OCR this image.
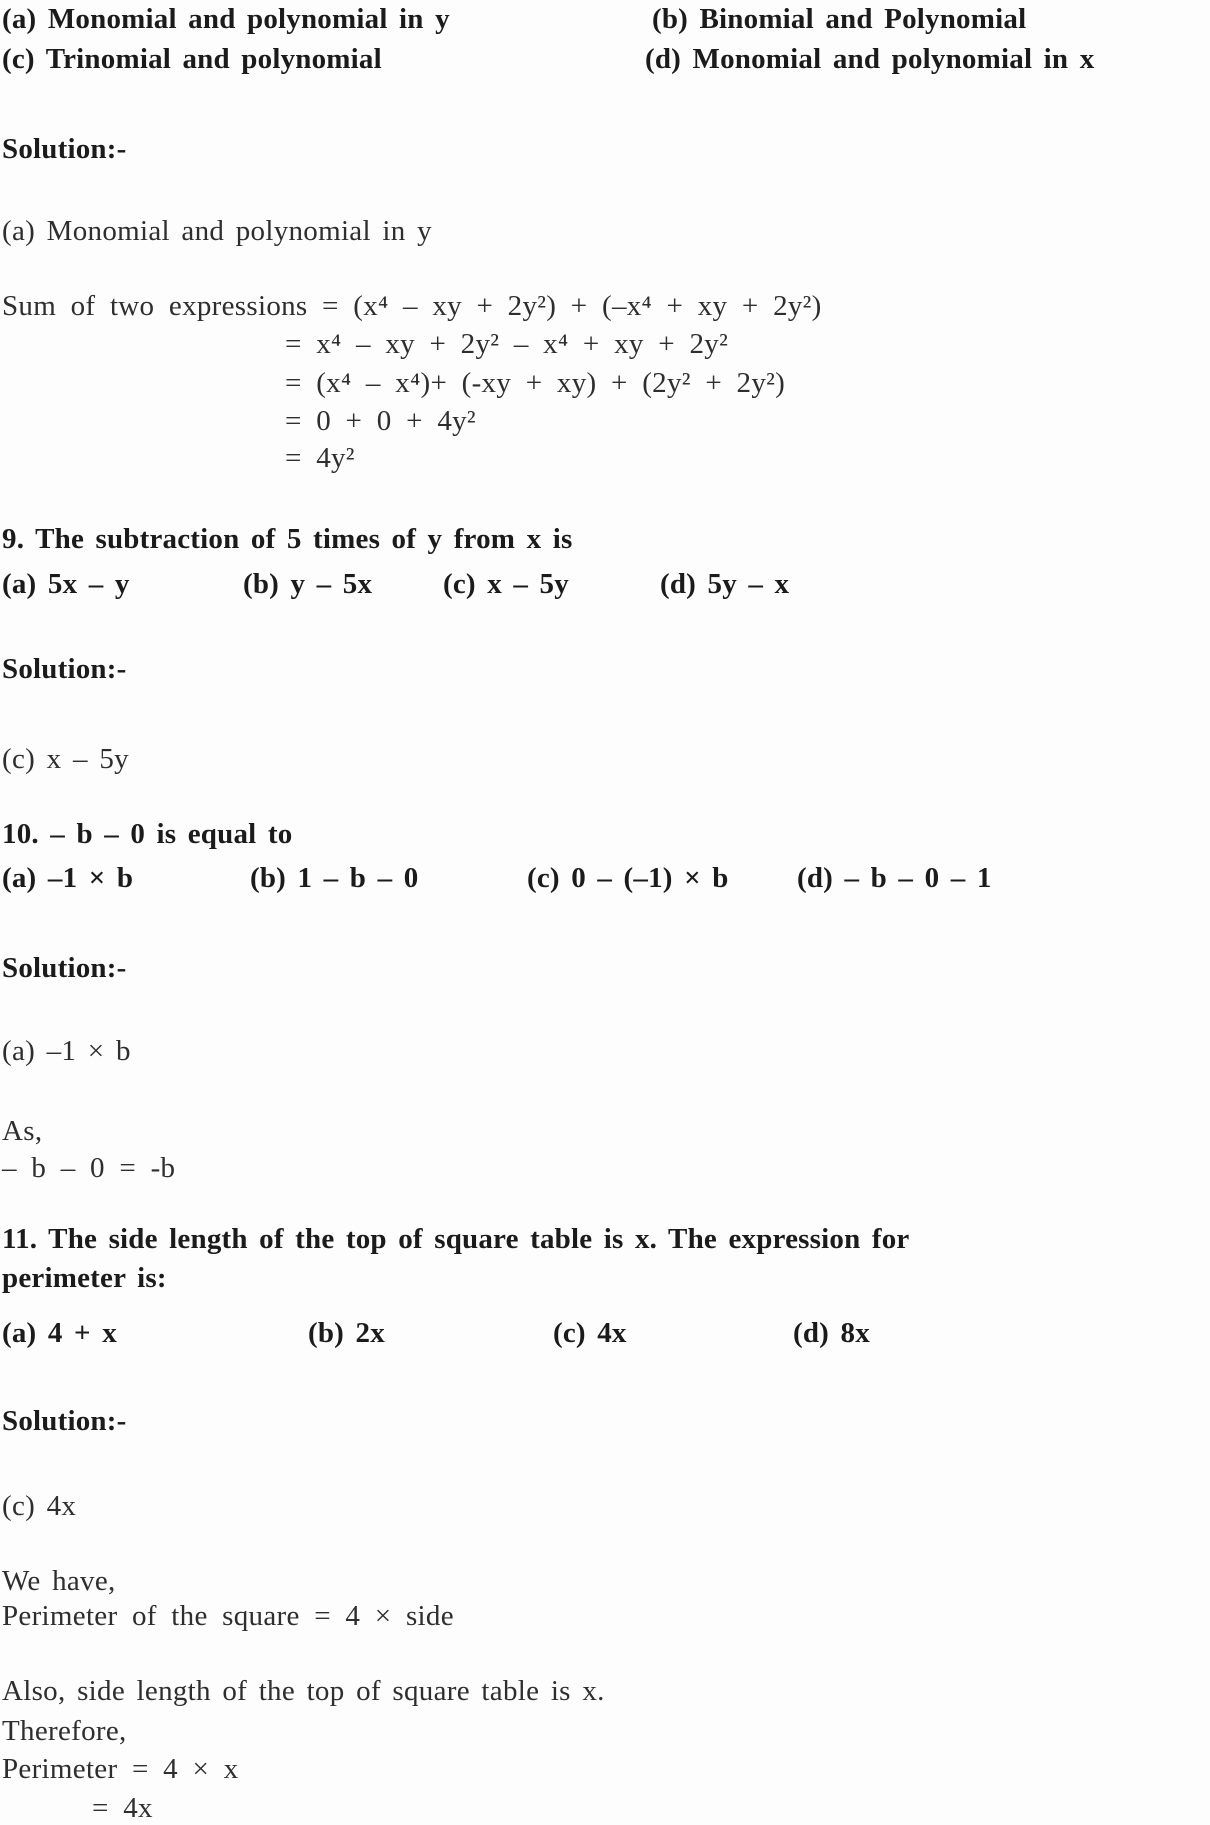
(a) Monomial and polynomial in y	(b) Binomial and Polynomial
(c) Trinomial and polynomial	(d) Monomial and polynomial in x
Solution:-
(a) Monomial and polynomial in y
Sum of two expressions = (x⁴ – xy + 2y²) + (–x⁴ + xy + 2y²)
= x⁴ – xy + 2y² – x⁴ + xy + 2y²
= (x⁴ – x⁴)+ (-xy + xy) + (2y² + 2y²)
= 0 + 0 + 4y²
= 4y²
9. The subtraction of 5 times of y from x is
(a) 5x – y	(b) y – 5x (c) x – 5y	(d) 5y – x
Solution:-
(c) x – 5y
10. – b – 0 is equal to
(a) –1 × b	(b) 1 – b – 0	(c) 0 – (–1) × b (d) – b – 0 – 1
Solution:-
(a) –1 × b
As,
– b – 0 = -b
11. The side length of the top of square table is x. The expression for
perimeter is:
(a) 4 + x	(b) 2x	(c) 4x	(d) 8x
Solution:-
(c) 4x
We have,
Perimeter of the square = 4 × side
Also, side length of the top of square table is x.
Therefore,
Perimeter = 4 × x
= 4x
